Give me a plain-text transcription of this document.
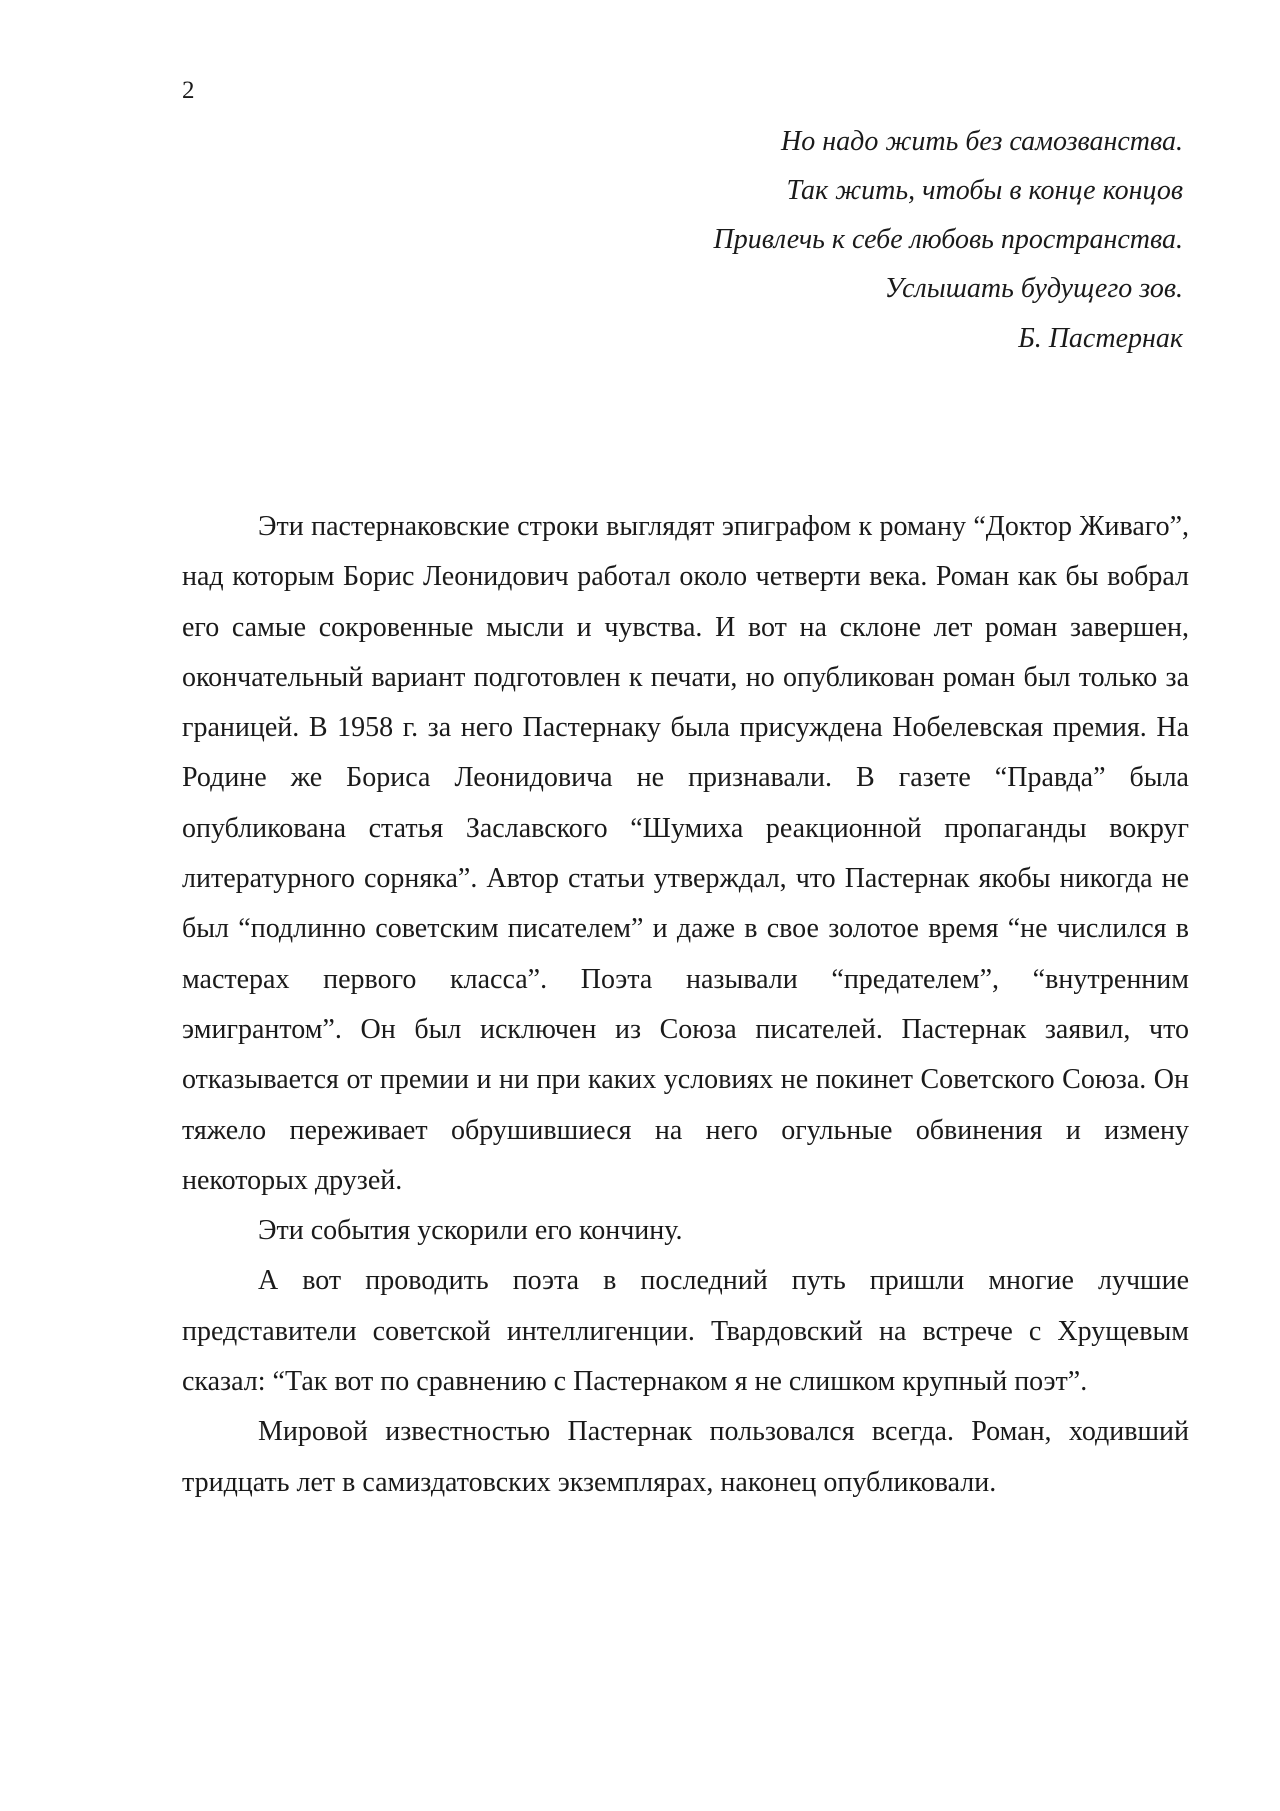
2
Но надо жить без самозванства.
Так жить, чтобы в конце концов
Привлечь к себе любовь пространства.
Услышать будущего зов.
Б. Пастернак

Эти пастернаковские строки выглядят эпиграфом к роману “Доктор Живаго”, над которым Борис Леонидович работал около четверти века. Роман как бы вобрал его самые сокровенные мысли и чувства. И вот на склоне лет роман завершен, окончательный вариант подготовлен к печати, но опубликован роман был только за границей. В 1958 г. за него Пастернаку была присуждена Нобелевская премия. На Родине же Бориса Леонидовича не признавали. В газете “Правда” была опубликована статья Заславского “Шумиха реакционной пропаганды вокруг литературного сорняка”. Автор статьи утверждал, что Пастернак якобы никогда не был “подлинно советским писателем” и даже в свое золотое время “не числился в мастерах первого класса”. Поэта называли “предателем”, “внутренним эмигрантом”. Он был исключен из Союза писателей. Пастернак заявил, что отказывается от премии и ни при каких условиях не покинет Советского Союза. Он тяжело переживает обрушившиеся на него огульные обвинения и измену некоторых друзей.

Эти события ускорили его кончину.

А вот проводить поэта в последний путь пришли многие лучшие представители советской интеллигенции. Твардовский на встрече с Хрущевым сказал: “Так вот по сравнению с Пастернаком я не слишком крупный поэт”.

Мировой известностью Пастернак пользовался всегда. Роман, ходивший тридцать лет в самиздатовских экземплярах, наконец опубликовали.
